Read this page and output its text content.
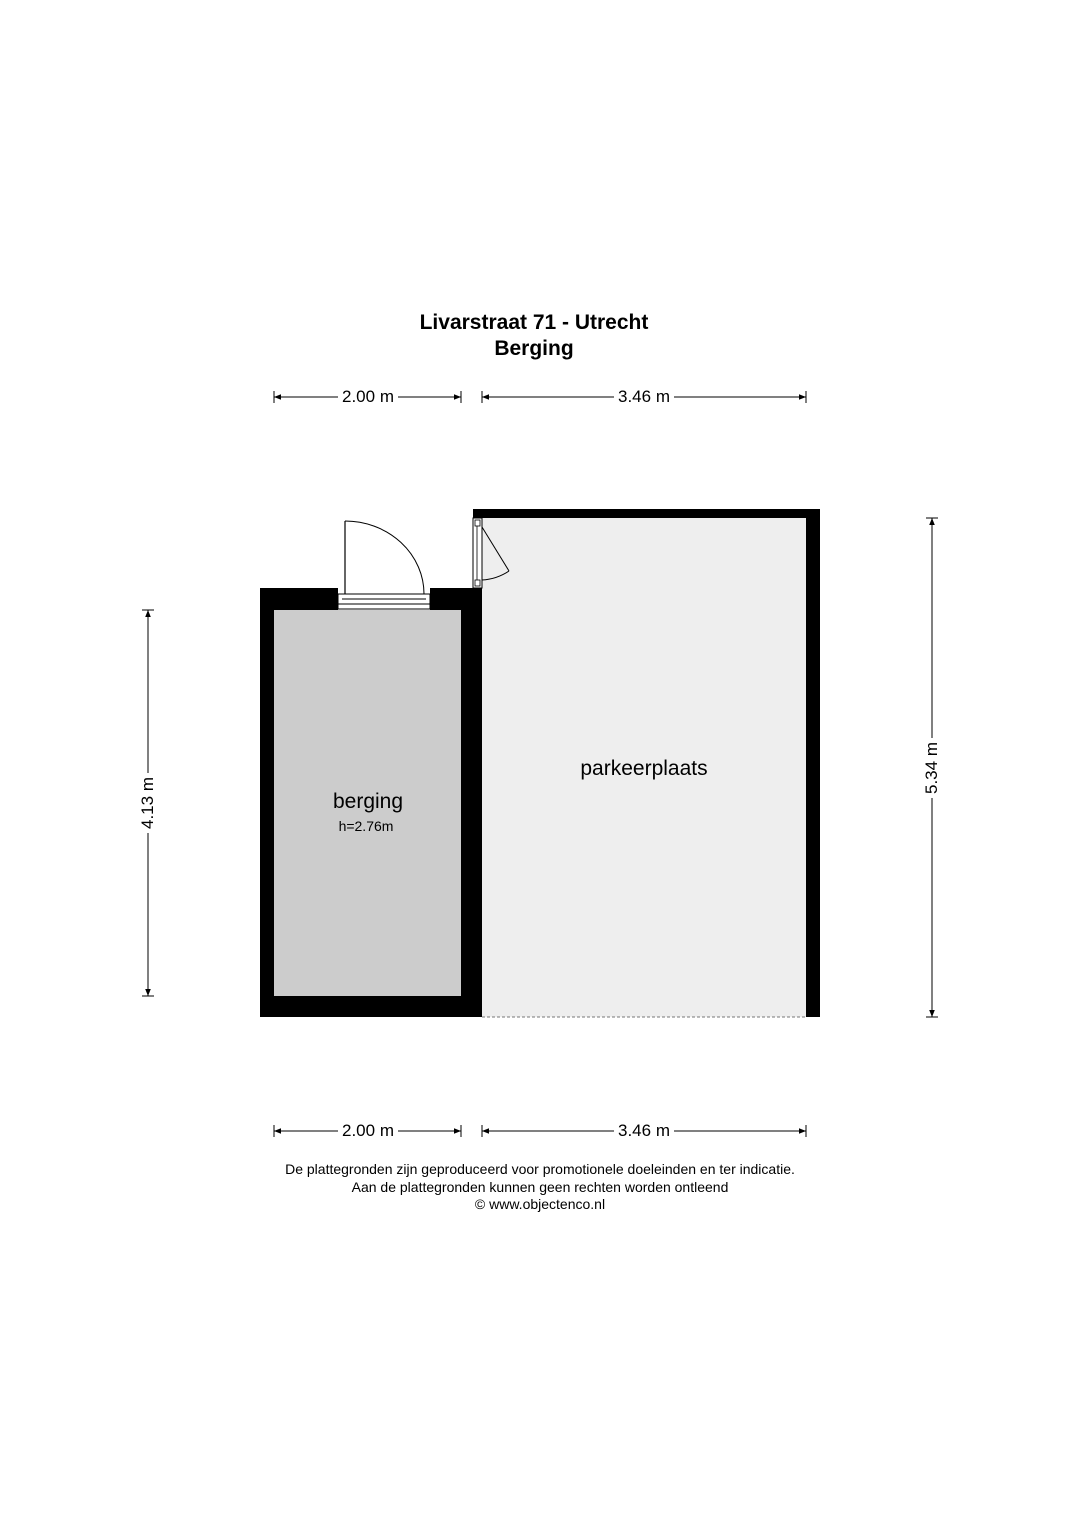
Livarstraat 71 - Utrecht
Berging
2.00 m	3.46 m
2.00 m	3.46 m
4.13 m
5.34 m
berging
h=2.76m
parkeerplaats
De plattegronden zijn geproduceerd voor promotionele doeleinden en ter indicatie.
Aan de plattegronden kunnen geen rechten worden ontleend
© www.objectenco.nl
